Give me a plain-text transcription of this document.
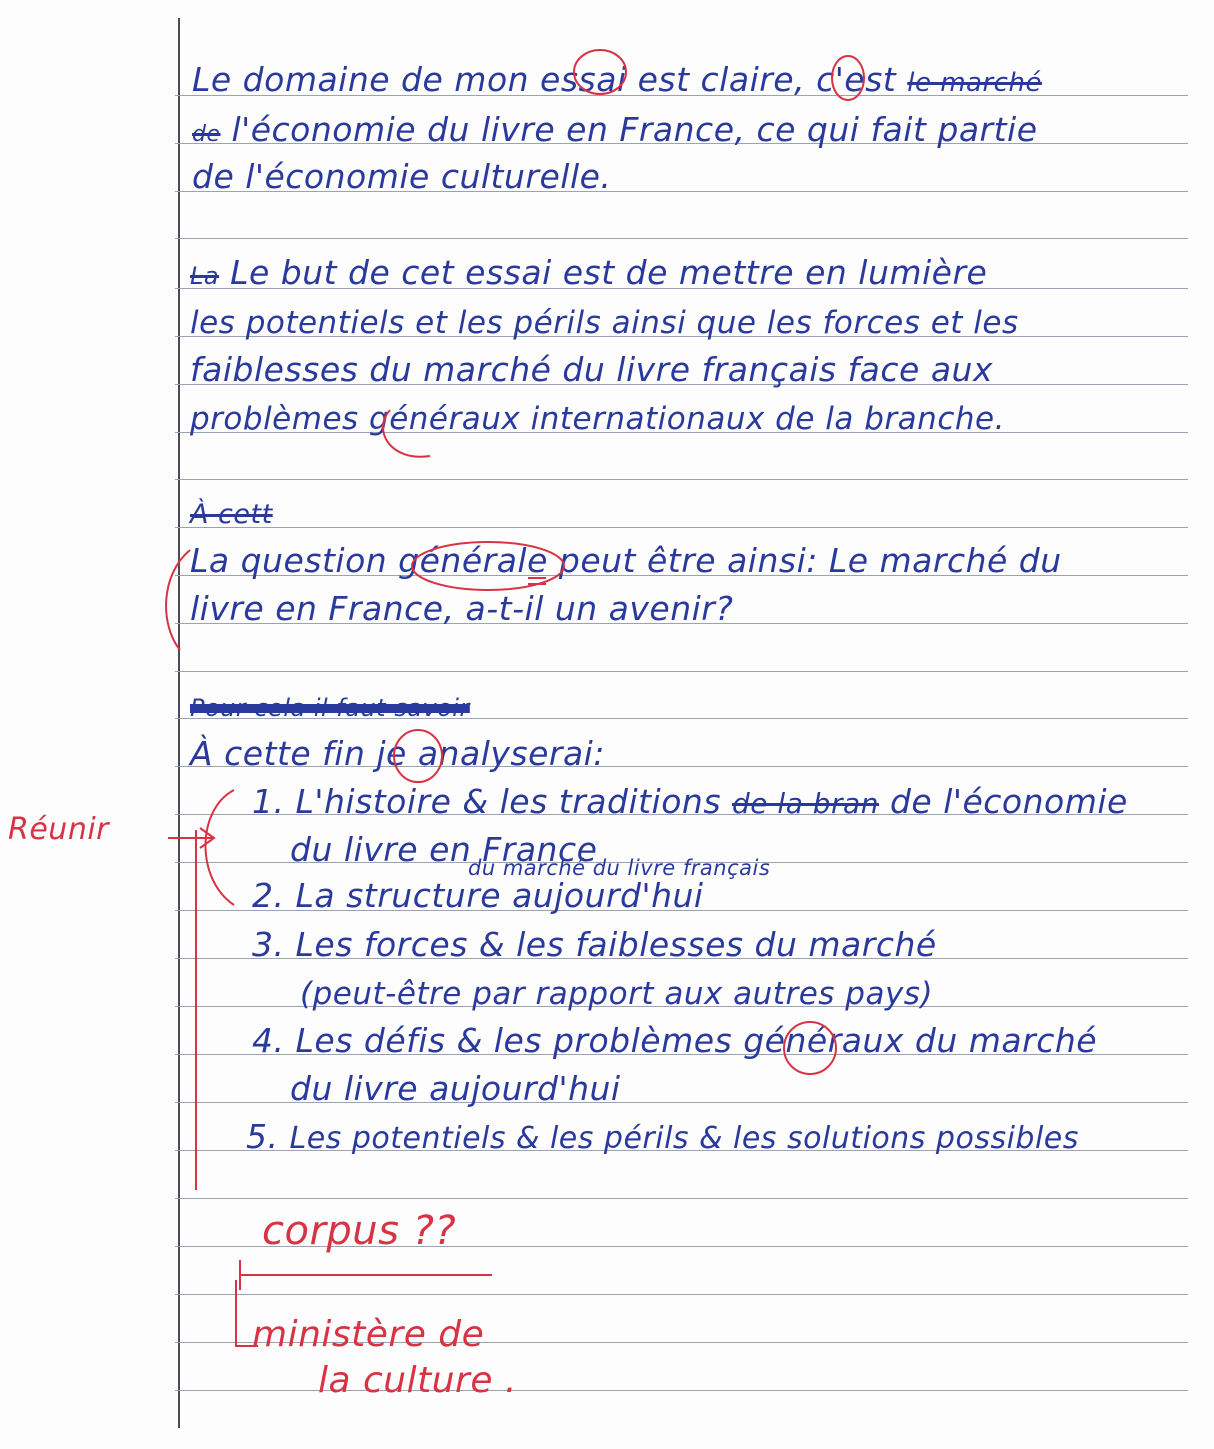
Le domaine de mon essai est claire, c'est le marché
de l'économie du livre en France, ce qui fait partie
de l'économie culturelle.
La Le but de cet essai est de mettre en lumière
les potentiels et les périls ainsi que les forces et les
faiblesses du marché du livre français face aux
problèmes généraux internationaux de la branche.
À cett
La question générale peut être ainsi: Le marché du
livre en France, a-t-il un avenir?
Pour cela il faut savoir
À cette fin je analyserai:
1. L'histoire & les traditions de la bran de l'économie
du livre en France
du marché du livre français
2. La structure aujourd'hui
3. Les forces & les faiblesses du marché
(peut-être par rapport aux autres pays)
4. Les défis & les problèmes généraux du marché
du livre aujourd'hui
5. Les potentiels & les périls & les solutions possibles
Réunir
corpus ??
ministère de
la culture .
